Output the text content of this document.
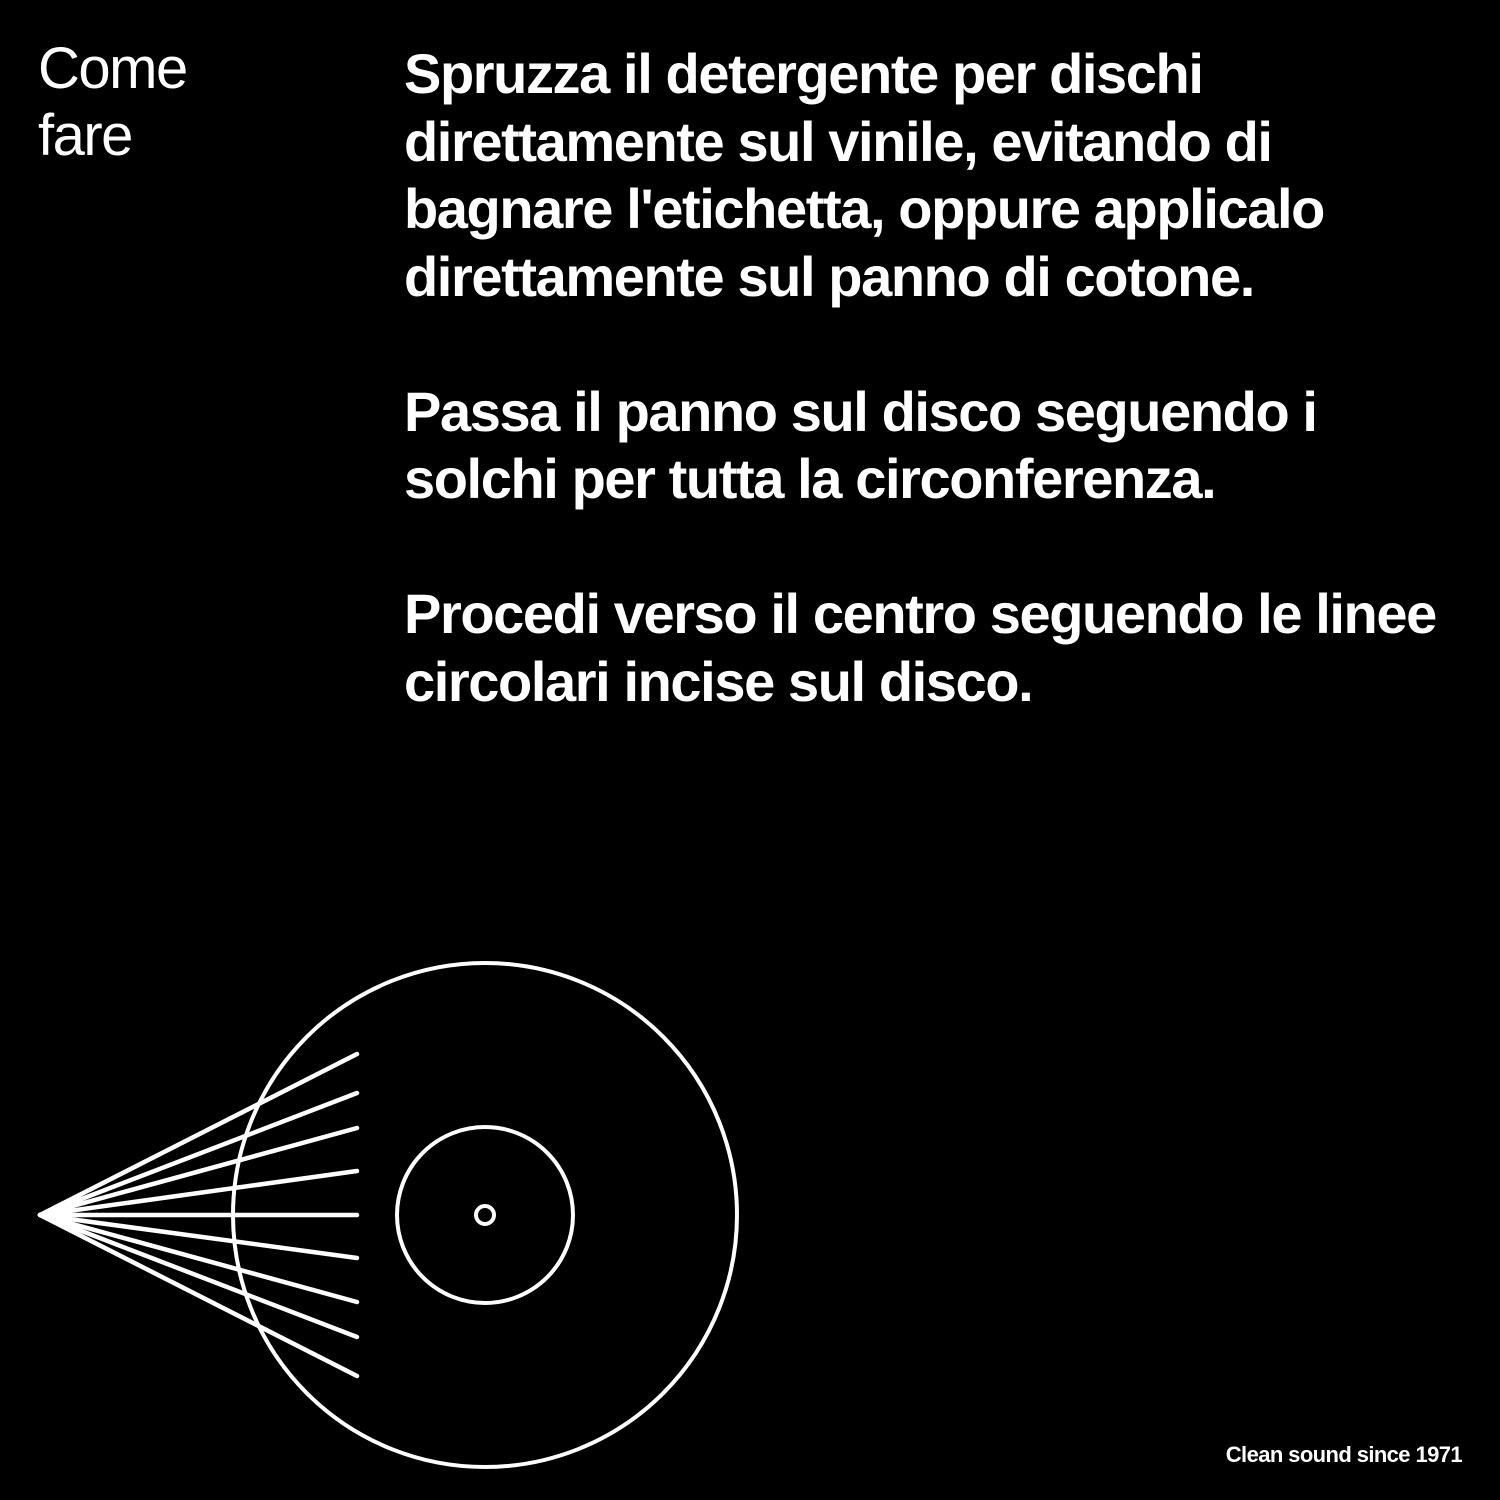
Come
fare
Spruzza il detergente per dischi direttamente sul vinile, evitando di bagnare l'etichetta, oppure applicalo direttamente sul panno di cotone.
Passa il panno sul disco seguendo i solchi per tutta la circonferenza.
Procedi verso il centro seguendo le linee circolari incise sul disco.

Clean sound since 1971
